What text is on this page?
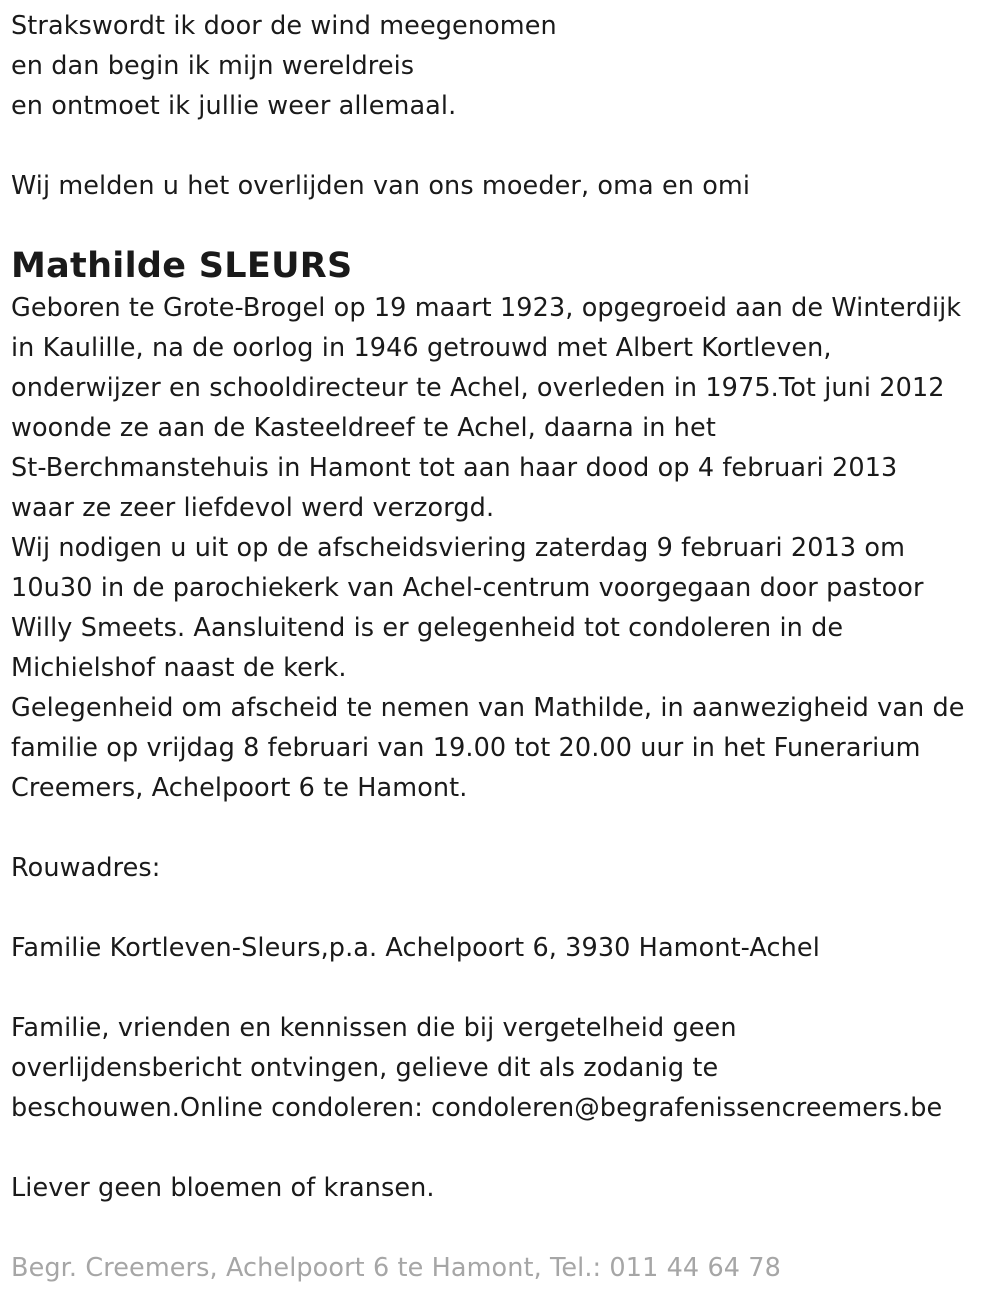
Strakswordt ik door de wind meegenomen
en dan begin ik mijn wereldreis
en ontmoet ik jullie weer allemaal.
Wij melden u het overlijden van ons moeder, oma en omi
Mathilde SLEURS
Geboren te Grote-Brogel op 19 maart 1923, opgegroeid aan de Winterdijk
in Kaulille, na de oorlog in 1946 getrouwd met Albert Kortleven,
onderwijzer en schooldirecteur te Achel, overleden in 1975.Tot juni 2012
woonde ze aan de Kasteeldreef te Achel, daarna in het
St-Berchmanstehuis in Hamont tot aan haar dood op 4 februari 2013
waar ze zeer liefdevol werd verzorgd.
Wij nodigen u uit op de afscheidsviering zaterdag 9 februari 2013 om
10u30 in de parochiekerk van Achel-centrum voorgegaan door pastoor
Willy Smeets. Aansluitend is er gelegenheid tot condoleren in de
Michielshof naast de kerk.
Gelegenheid om afscheid te nemen van Mathilde, in aanwezigheid van de
familie op vrijdag 8 februari van 19.00 tot 20.00 uur in het Funerarium
Creemers, Achelpoort 6 te Hamont.
Rouwadres:
Familie Kortleven-Sleurs,p.a. Achelpoort 6, 3930 Hamont-Achel
Familie, vrienden en kennissen die bij vergetelheid geen
overlijdensbericht ontvingen, gelieve dit als zodanig te
beschouwen.Online condoleren: condoleren@begrafenissencreemers.be
Liever geen bloemen of kransen.
Begr. Creemers, Achelpoort 6 te Hamont, Tel.: 011 44 64 78
